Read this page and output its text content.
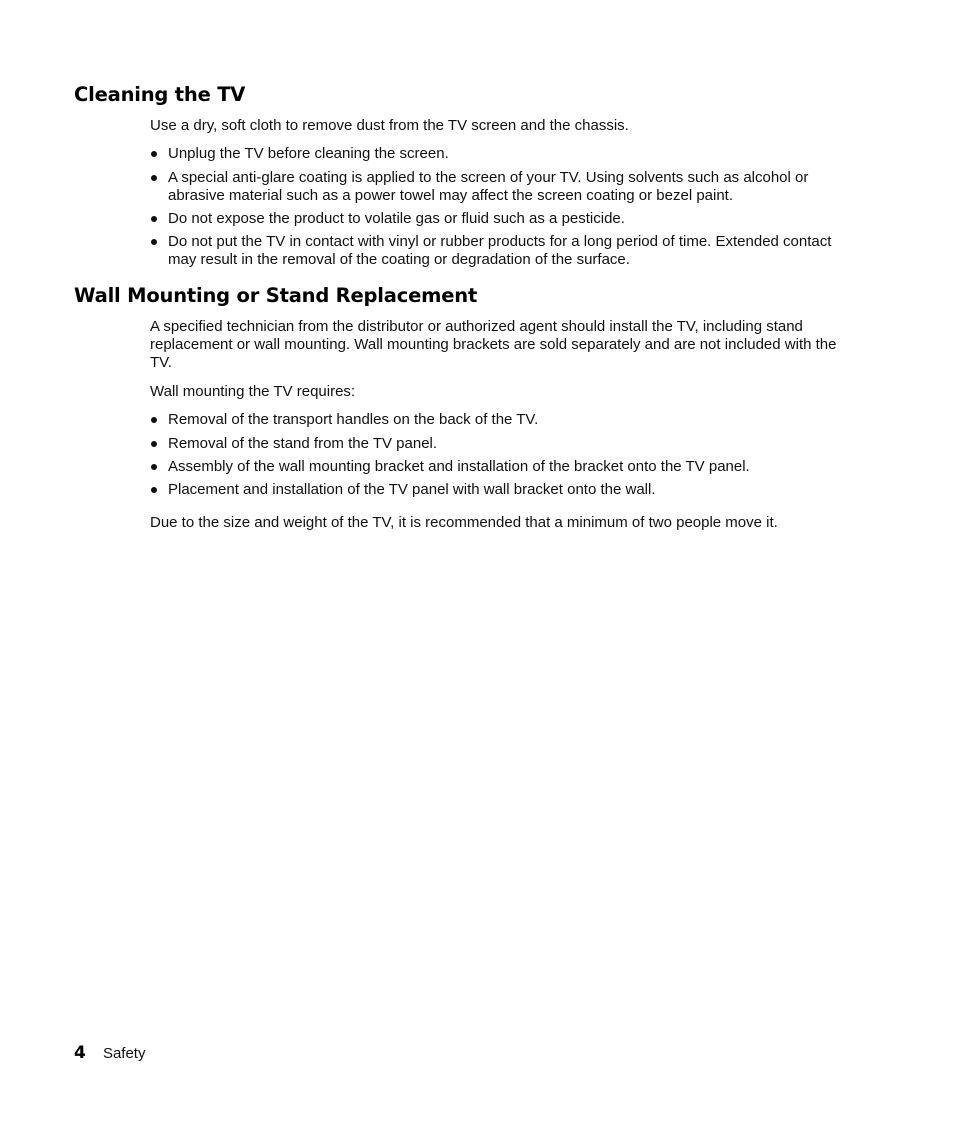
Cleaning the TV

Use a dry, soft cloth to remove dust from the TV screen and the chassis.

Unplug the TV before cleaning the screen.
A special anti-glare coating is applied to the screen of your TV. Using solvents such as alcohol or abrasive material such as a power towel may affect the screen coating or bezel paint.
Do not expose the product to volatile gas or fluid such as a pesticide.
Do not put the TV in contact with vinyl or rubber products for a long period of time. Extended contact may result in the removal of the coating or degradation of the surface.
Wall Mounting or Stand Replacement

A specified technician from the distributor or authorized agent should install the TV, including stand replacement or wall mounting. Wall mounting brackets are sold separately and are not included with the TV.

Wall mounting the TV requires:

Removal of the transport handles on the back of the TV.
Removal of the stand from the TV panel.
Assembly of the wall mounting bracket and installation of the bracket onto the TV panel.
Placement and installation of the TV panel with wall bracket onto the wall.

Due to the size and weight of the TV, it is recommended that a minimum of two people move it.

4 Safety
